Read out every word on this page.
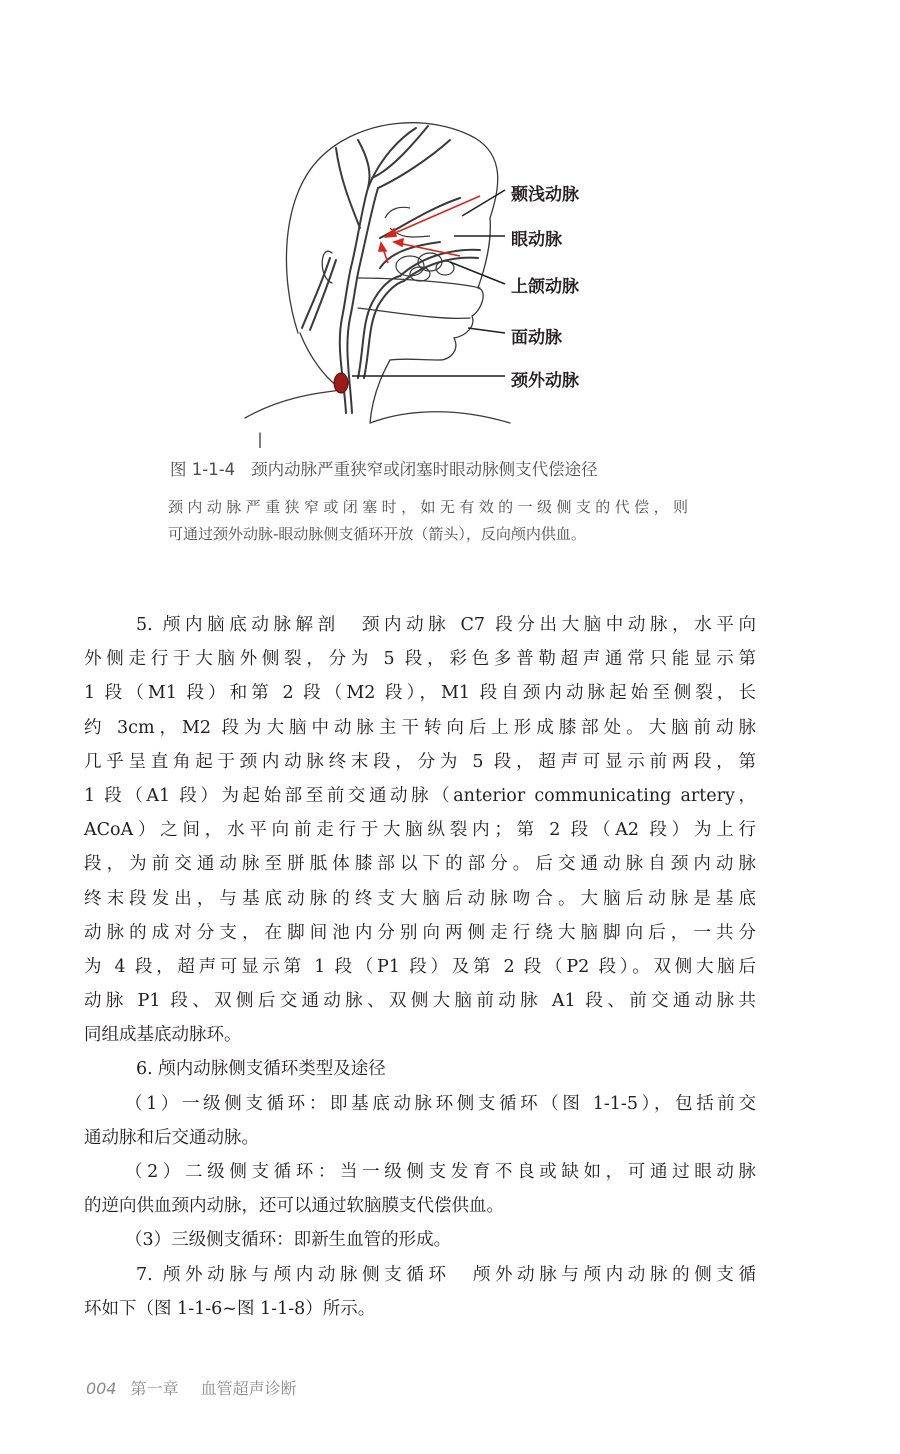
颞浅动脉
眼动脉
上颌动脉
面动脉
颈外动脉
图 1-1-4 颈内动脉严重狭窄或闭塞时眼动脉侧支代偿途径

颈内动脉严重狭窄或闭塞时，如无有效的一级侧支的代偿，则

可通过颈外动脉-眼动脉侧支循环开放（箭头），反向颅内供血。

5. 颅内脑底动脉解剖　颈内动脉 C7 段分出大脑中动脉，水平向

外侧走行于大脑外侧裂，分为 5 段，彩色多普勒超声通常只能显示第

1 段（M1 段）和第 2 段（M2 段），M1 段自颈内动脉起始至侧裂，长

约 3cm，M2 段为大脑中动脉主干转向后上形成膝部处。大脑前动脉

几乎呈直角起于颈内动脉终末段，分为 5 段，超声可显示前两段，第

1 段（A1 段）为起始部至前交通动脉（anterior communicating artery，

ACoA）之间，水平向前走行于大脑纵裂内；第 2 段（A2 段）为上行

段，为前交通动脉至胼胝体膝部以下的部分。后交通动脉自颈内动脉

终末段发出，与基底动脉的终支大脑后动脉吻合。大脑后动脉是基底

动脉的成对分支，在脚间池内分别向两侧走行绕大脑脚向后，一共分

为 4 段，超声可显示第 1 段（P1 段）及第 2 段（P2 段）。双侧大脑后

动脉 P1 段、双侧后交通动脉、双侧大脑前动脉 A1 段、前交通动脉共

同组成基底动脉环。

6. 颅内动脉侧支循环类型及途径

（1）一级侧支循环：即基底动脉环侧支循环（图 1-1-5），包括前交

通动脉和后交通动脉。

（2）二级侧支循环：当一级侧支发育不良或缺如，可通过眼动脉

的逆向供血颈内动脉，还可以通过软脑膜支代偿供血。

（3）三级侧支循环：即新生血管的形成。

7. 颅外动脉与颅内动脉侧支循环　颅外动脉与颅内动脉的侧支循

环如下（图 1-1-6~图 1-1-8）所示。

004 第一章 血管超声诊断
